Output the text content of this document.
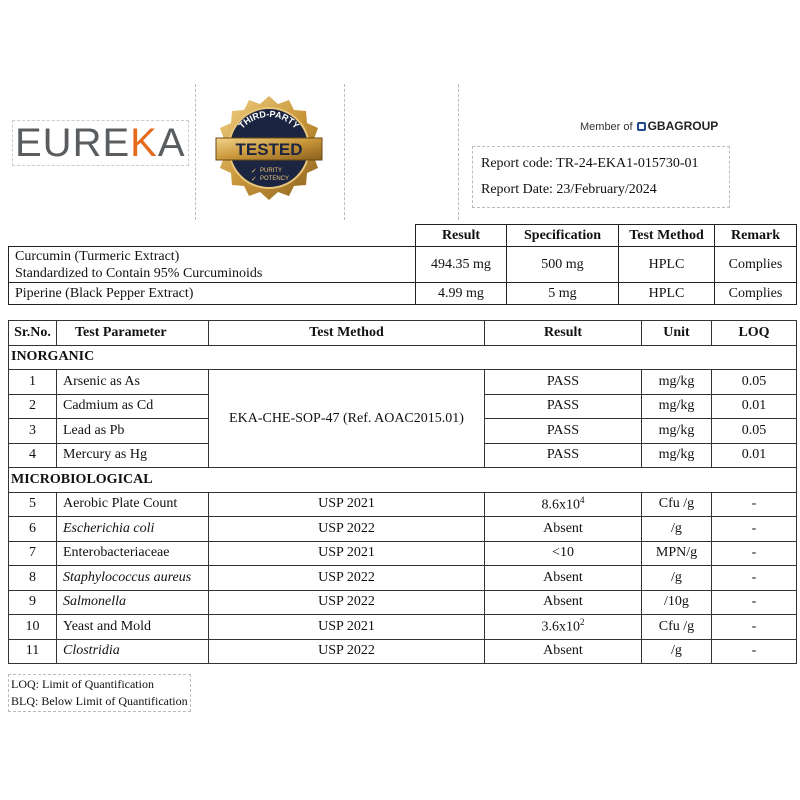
EUREKA	THIRD-PARTY
TESTED
PURITY
POTENCY
✓
✓
Member of GBAGROUP
Report code: TR-24-EKA1-015730-01
Report Date: 23/February/2024
	Result	Specification	Test Method	Remark

Curcumin (Turmeric Extract)
Standardized to Contain 95% Curcuminoids	494.35 mg	500 mg	HPLC	Complies
Piperine (Black Pepper Extract)	4.99 mg	5 mg	HPLC	Complies
Sr.No.	Test Parameter	Test Method	Result	Unit	LOQ
INORGANIC					
1	Arsenic as As	EKA-CHE-SOP-47 (Ref. AOAC2015.01)	PASS	mg/kg	0.05
2	Cadmium as Cd		PASS	mg/kg	0.01
3	Lead as Pb		PASS	mg/kg	0.05
4	Mercury as Hg		PASS	mg/kg	0.01
MICROBIOLOGICAL					
5	Aerobic Plate Count	USP 2021	$8.6x10^4$	Cfu /g	-
6	Escherichia coli	USP 2022	Absent	/g	-
7	Enterobacteriaceae	USP 2021	<10	MPN/g	-
8	Staphylococcus aureus	USP 2022	Absent	/g	-
9	Salmonella	USP 2022	Absent	/10g	-
10	Yeast and Mold	USP 2021	$3.6x10^2$	Cfu /g	-
11	Clostridia	USP 2022	Absent	/g	-
LOQ: Limit of Quantification
BLQ: Below Limit of Quantification
